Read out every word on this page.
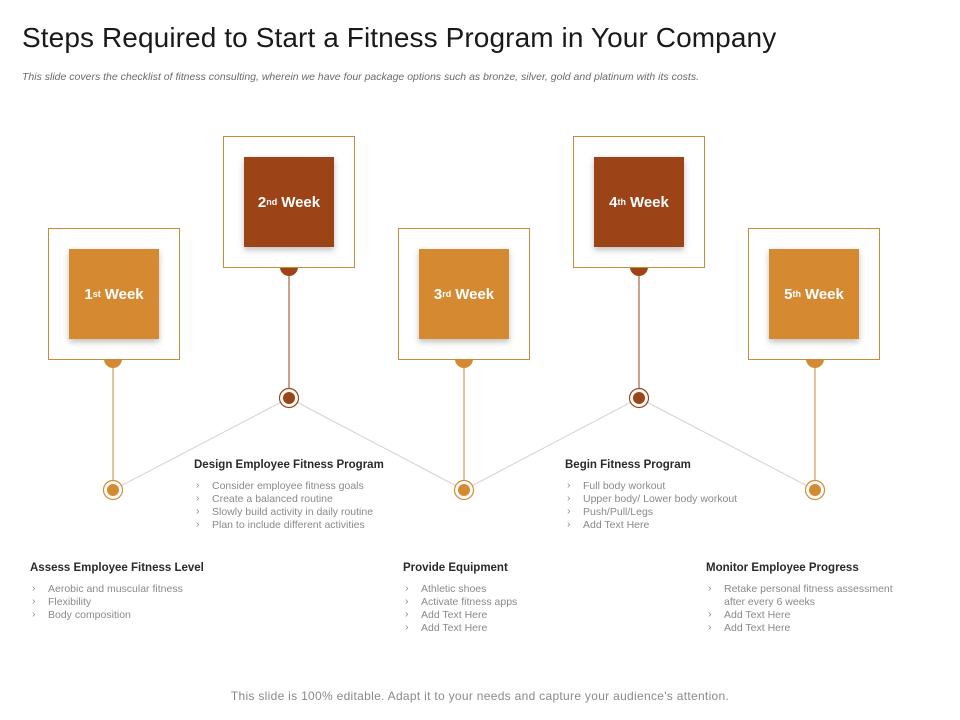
Steps Required to Start a Fitness Program in Your Company
This slide covers the checklist of fitness consulting, wherein we have four package options such as bronze, silver, gold and platinum with its costs.
1 st Week
2 nd Week
3 rd Week
4 th Week
5 th Week
Assess Employee Fitness Level
› Aerobic and muscular fitness
› Flexibility
› Body composition
Design Employee Fitness Program
› Consider employee fitness goals
› Create a balanced routine
› Slowly build activity in daily routine
› Plan to include different activities
Provide Equipment
› Athletic shoes
› Activate fitness apps
› Add Text Here
› Add Text Here
Begin Fitness Program
› Full body workout
› Upper body/ Lower body workout
› Push/Pull/Legs
› Add Text Here
Monitor Employee Progress
› Retake personal fitness assessment after every 6 weeks
› Add Text Here
› Add Text Here
This slide is 100% editable. Adapt it to your needs and capture your audience's attention.
